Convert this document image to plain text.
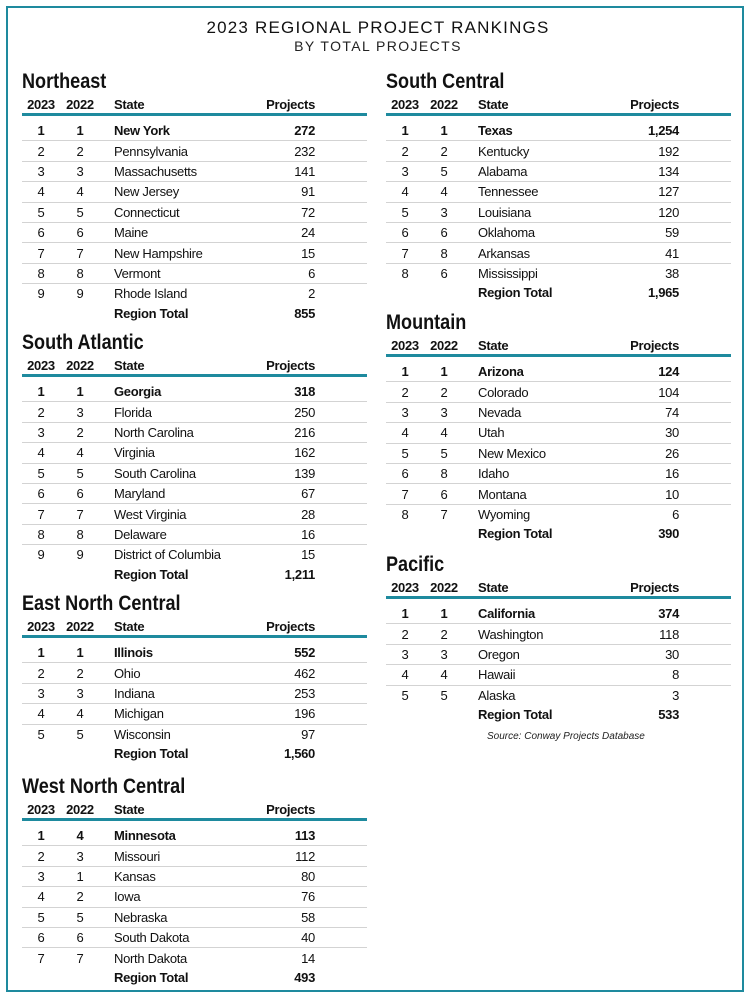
2023 REGIONAL PROJECT RANKINGS
BY TOTAL PROJECTS
Northeast
2023 2022	State	Projects
1	1	New York	272
2	2	Pennsylvania	232
3	3	Massachusetts	141
4	4	New Jersey	91
5	5	Connecticut	72
6	6	Maine	24
7	7	New Hampshire	15
8	8	Vermont	6
9	9	Rhode Island	2
Region Total	855
South Atlantic
2023 2022	State	Projects
1	1	Georgia	318
2	3	Florida	250
3	2	North Carolina	216
4	4	Virginia	162
5	5	South Carolina	139
6	6	Maryland	67
7	7	West Virginia	28
8	8	Delaware	16
9	9	District of Columbia	15
Region Total	1,211
East North Central
2023 2022	State	Projects
1	1	Illinois	552
2	2	Ohio	462
3	3	Indiana	253
4	4	Michigan	196
5	5	Wisconsin	97
Region Total	1,560
West North Central
2023 2022	State	Projects
1	4	Minnesota	113
2	3	Missouri	112
3	1	Kansas	80
4	2	Iowa	76
5	5	Nebraska	58
6	6	South Dakota	40
7	7	North Dakota	14
Region Total	493
South Central
2023 2022	State	Projects
1	1	Texas	1,254
2	2	Kentucky	192
3	5	Alabama	134
4	4	Tennessee	127
5	3	Louisiana	120
6	6	Oklahoma	59
7	8	Arkansas	41
8	6	Mississippi	38
Region Total	1,965
Mountain
2023 2022	State	Projects
1	1	Arizona	124
2	2	Colorado	104
3	3	Nevada	74
4	4	Utah	30
5	5	New Mexico	26
6	8	Idaho	16
7	6	Montana	10
8	7	Wyoming	6
Region Total	390
Pacific
2023 2022	State	Projects
1	1	California	374
2	2	Washington	118
3	3	Oregon	30
4	4	Hawaii	8
5	5	Alaska	3
Region Total	533
Source: Conway Projects Database
